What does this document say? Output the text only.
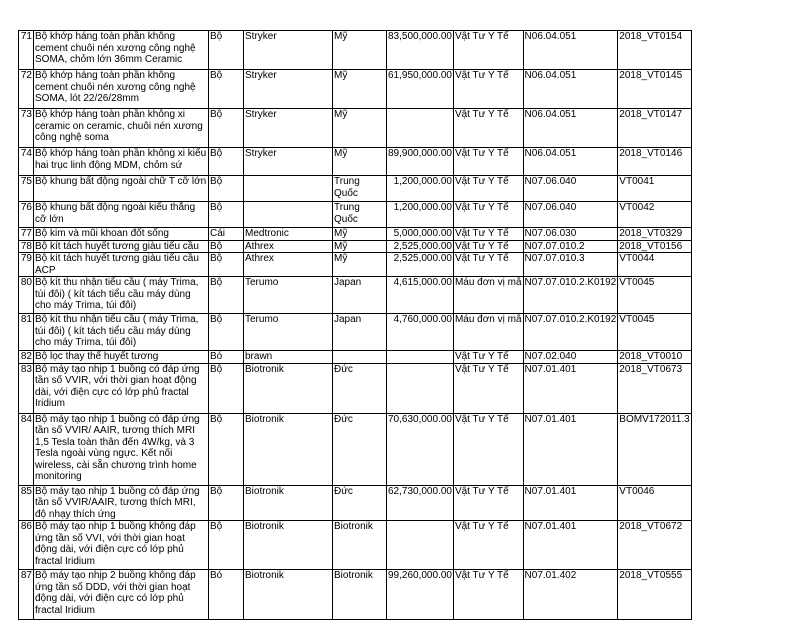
71	Bộ khớp háng toàn phần không cement chuôi nén xương công nghệ SOMA, chỏm lớn 36mm Ceramic	Bộ	Stryker	Mỹ	83,500,000.00	Vật Tư Y Tế	N06.04.051	2018_VT0154
72	Bộ khớp háng toàn phần không cement chuôi nén xương công nghệ SOMA, lót 22/26/28mm	Bộ	Stryker	Mỹ	61,950,000.00	Vật Tư Y Tế	N06.04.051	2018_VT0145
73	Bộ khớp háng toàn phần không xi ceramic on ceramic, chuôi nén xương công nghệ soma	Bộ	Stryker	Mỹ		Vật Tư Y Tế	N06.04.051	2018_VT0147
74	Bộ khớp háng toàn phần không xi kiểu hai trục linh động MDM, chỏm sứ	Bộ	Stryker	Mỹ	89,900,000.00	Vật Tư Y Tế	N06.04.051	2018_VT0146
75	Bộ khung bất động ngoài chữ T cỡ lớn	Bộ		Trung Quốc	1,200,000.00	Vật Tư Y Tế	N07.06.040	VT0041
76	Bộ khung bất động ngoài kiểu thẳng cỡ lớn	Bộ		Trung Quốc	1,200,000.00	Vật Tư Y Tế	N07.06.040	VT0042
77	Bộ kim và mũi khoan đốt sống	Cái	Medtronic	Mỹ	5,000,000.00	Vật Tư Y Tế	N07.06.030	2018_VT0329
78	Bộ kít tách huyết tương giàu tiểu cầu	Bộ	Athrex	Mỹ	2,525,000.00	Vật Tư Y Tế	N07.07.010.2	2018_VT0156
79	Bộ kít tách huyết tương giàu tiểu cầu ACP	Bộ	Athrex	Mỹ	2,525,000.00	Vật Tư Y Tế	N07.07.010.3	VT0044
80	Bộ kít thu nhận tiểu cầu ( máy Trima, túi đôi) ( kít tách tiểu cầu máy dùng cho máy Trima, túi đôi)	Bộ	Terumo	Japan	4,615,000.00	Máu đơn vị mẫ	N07.07.010.2.K0192	VT0045
81	Bộ kít thu nhận tiểu cầu ( máy Trima, túi đôi) ( kít tách tiểu cầu máy dùng cho máy Trima, túi đôi)	Bộ	Terumo	Japan	4,760,000.00	Máu đơn vị mẫ	N07.07.010.2.K0192	VT0045
82	Bộ lọc thay thế huyết tương	Bó	brawn			Vật Tư Y Tế	N07.02.040	2018_VT0010
83	Bộ máy tạo nhịp 1 buồng có đáp ứng tần số VVIR, với thời gian hoạt động dài, với điện cực có lớp phủ fractal Iridium	Bộ	Biotronik	Đức		Vật Tư Y Tế	N07.01.401	2018_VT0673
84	Bộ máy tạo nhịp 1 buồng có đáp ứng tần số VVIR/ AAIR, tương thích MRI 1,5 Tesla toàn thân đến 4W/kg, và 3 Tesla ngoài vùng ngực. Kết nối wireless, cài sẵn chương trình home monitoring	Bộ	Biotronik	Đức	70,630,000.00	Vật Tư Y Tế	N07.01.401	BOMV172011.3
85	Bộ máy tạo nhịp 1 buồng có đáp ứng tần số VVIR/AAIR, tương thích MRI, độ nhạy thích ứng	Bộ	Biotronik	Đức	62,730,000.00	Vật Tư Y Tế	N07.01.401	VT0046
86	Bộ máy tạo nhịp 1 buồng không đáp ứng tần số VVI, với thời gian hoạt động dài, với điện cực có lớp phủ fractal Iridium	Bộ	Biotronik	Biotronik		Vật Tư Y Tế	N07.01.401	2018_VT0672
87	Bộ máy tạo nhịp 2 buồng không đáp ứng tần số DDD, với thời gian hoạt động dài, với điện cực có lớp phủ fractal Iridium	Bó	Biotronik	Biotronik	99,260,000.00	Vật Tư Y Tế	N07.01.402	2018_VT0555
